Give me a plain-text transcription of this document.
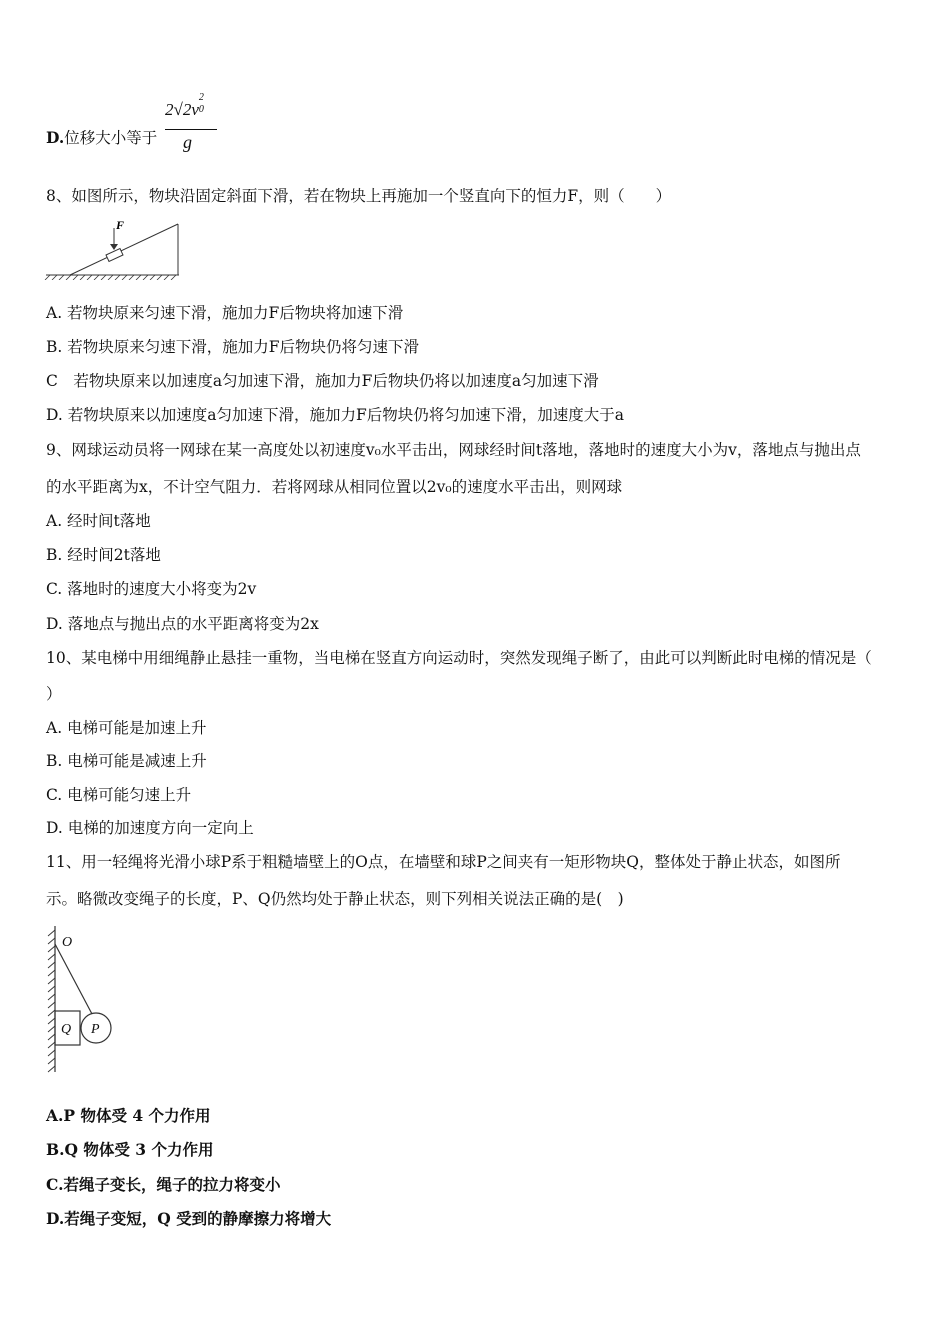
D.位移大小等于
2√2v
2
0
g
8、如图所示，物块沿固定斜面下滑，若在物块上再施加一个竖直向下的恒力F，则（　　）
F
A. 若物块原来匀速下滑，施加力F后物块将加速下滑
B. 若物块原来匀速下滑，施加力F后物块仍将匀速下滑
C　若物块原来以加速度a匀加速下滑，施加力F后物块仍将以加速度a匀加速下滑
D. 若物块原来以加速度a匀加速下滑，施加力F后物块仍将匀加速下滑，加速度大于a
9、网球运动员将一网球在某一高度处以初速度v₀水平击出，网球经时间t落地，落地时的速度大小为v，落地点与抛出点
的水平距离为x，不计空气阻力．若将网球从相同位置以2v₀的速度水平击出，则网球
A. 经时间t落地
B. 经时间2t落地
C. 落地时的速度大小将变为2v
D. 落地点与抛出点的水平距离将变为2x
10、某电梯中用细绳静止悬挂一重物，当电梯在竖直方向运动时，突然发现绳子断了，由此可以判断此时电梯的情况是（
）
A. 电梯可能是加速上升
B. 电梯可能是减速上升
C. 电梯可能匀速上升
D. 电梯的加速度方向一定向上
11、用一轻绳将光滑小球P系于粗糙墙壁上的O点，在墙壁和球P之间夹有一矩形物块Q，整体处于静止状态，如图所
示。略微改变绳子的长度，P、Q仍然均处于静止状态，则下列相关说法正确的是(　)
O
Q P
A.P 物体受 4 个力作用
B.Q 物体受 3 个力作用
C.若绳子变长，绳子的拉力将变小
D.若绳子变短，Q 受到的静摩擦力将增大
